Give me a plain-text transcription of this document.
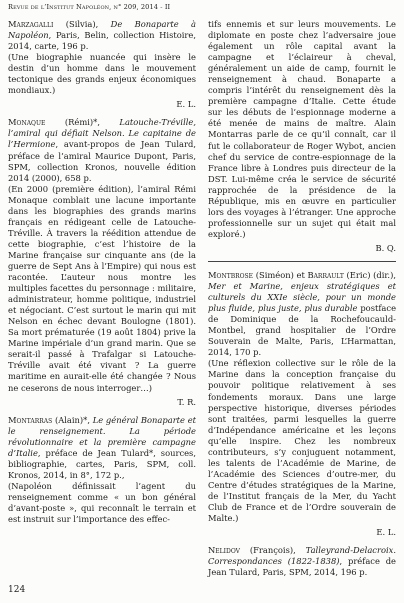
Revue de l’Institut Napoléon, n° 209, 2014 - II

Marzagalli (Silvia), De Bonaparte à Napoléon, Paris, Belin, collection Histoire, 2014, carte, 196 p.

(Une biographie nuancée qui insère le destin d’un homme dans le mouvement tectonique des grands enjeux économiques mondiaux.)

E. L.

Monaque (Rémi)*, Latouche-Tréville, l’amiral qui défiait Nelson. Le capitaine de l’Hermione, avant-propos de Jean Tulard, préface de l’amiral Maurice Dupont, Paris, SPM, collection Kronos, nouvelle édition 2014 (2000), 658 p.

(En 2000 (première édition), l’amiral Rémi Monaque comblait une lacune importante dans les biographies des grands marins français en rédigeant celle de Latouche-Tréville. À travers la réédition attendue de cette biographie, c’est l’histoire de la Marine française sur cinquante ans (de la guerre de Sept Ans à l’Empire) qui nous est racontée. L’auteur nous montre les multiples facettes du personnage : militaire, administrateur, homme politique, industriel et négociant. C’est surtout le marin qui mit Nelson en échec devant Boulogne (1801). Sa mort prématurée (19 août 1804) prive la Marine impériale d’un grand marin. Que se serait-il passé à Trafalgar si Latouche-Tréville avait été vivant ? La guerre maritime en aurait-elle été changée ? Nous ne ceserons de nous interroger…)

T. R.

Montarras (Alain)*, Le général Bonaparte et le renseignement. La période révolutionnaire et la première campagne d’Italie, préface de Jean Tulard*, sources, bibliographie, cartes, Paris, SPM, coll. Kronos, 2014, in 8°, 172 p.,

(Napoléon définissait l’agent du renseignement comme « un bon général d’avant-poste », qui reconnaît le terrain et est instruit sur l’importance des effec-

tifs ennemis et sur leurs mouvements. Le diplomate en poste chez l’adversaire joue également un rôle capital avant la campagne et l’éclaireur à cheval, généralement un aide de camp, fournit le renseignement à chaud. Bonaparte a compris l’intérêt du renseignement dès la première campagne d’Italie. Cette étude sur les débuts de l’espionnage moderne a été menée de mains de maître. Alain Montarras parle de ce qu’il connaît, car il fut le collaborateur de Roger Wybot, ancien chef du service de contre-espionnage de la France libre à Londres puis directeur de la DST. Lui-même créa le service de sécurité rapprochée de la présidence de la République, mis en œuvre en particulier lors des voyages à l’étranger. Une approche professionnelle sur un sujet qui était mal exploré.)

B. Q.

Montbrose (Siméon) et Barrault (Eric) (dir.), Mer et Marine, enjeux stratégiques et culturels du XXIe siècle, pour un monde plus fluide, plus juste, plus durable postface de Dominique de la Rochefoucauld-Montbel, grand hospitalier de l’Ordre Souverain de Malte, Paris, L’Harmattan, 2014, 170 p.

(Une réflexion collective sur le rôle de la Marine dans la conception française du pouvoir politique relativement à ses fondements moraux. Dans une large perspective historique, diverses périodes sont traitées, parmi lesquelles la guerre d’Indépendance américaine et les leçons qu’elle inspire. Chez les nombreux contributeurs, s’y conjuguent notamment, les talents de l’Académie de Marine, de l’Académie des Sciences d’outre-mer, du Centre d’études stratégiques de la Marine, de l’Institut français de la Mer, du Yacht Club de France et de l’Ordre souverain de Malte.)

E. L.

Nelidov (François), Talleyrand-Delacroix. Correspondances (1822-1838), préface de Jean Tulard, Paris, SPM, 2014, 196 p.

124
